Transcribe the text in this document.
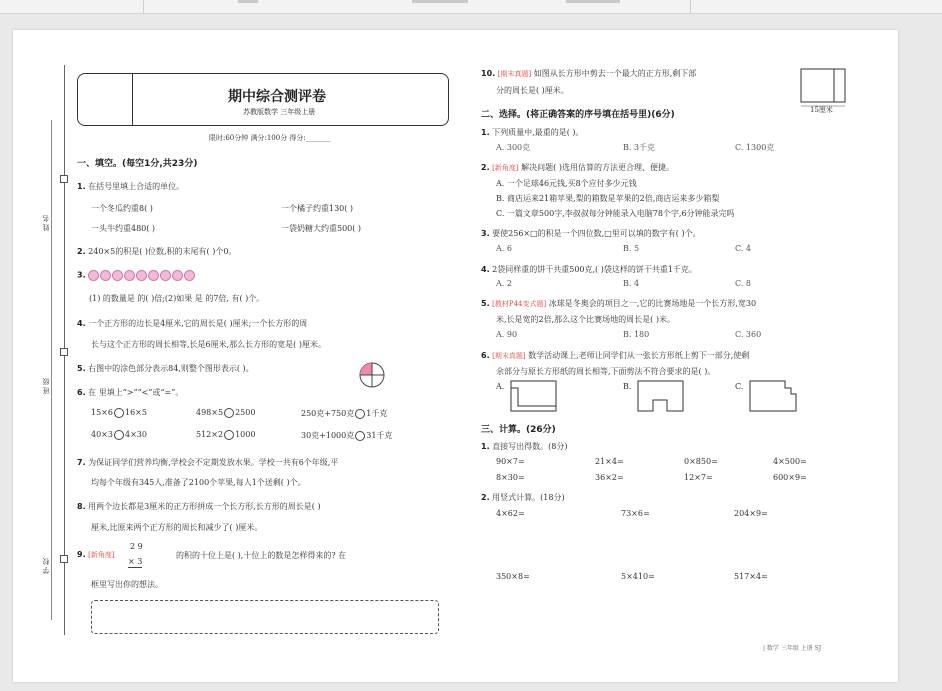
姓 名
班 级
学 校
期中综合测评卷
苏教版数学 三年级上册
限时:60分钟 满分:100分 得分:_______
一、填空。(每空1分,共23分)
1. 在括号里填上合适的单位。
一个冬瓜约重8( )	一个橘子约重130( )
一头牛约重480( )	一袋奶糖大约重500( )
2. 240×5的积是( )位数,积的末尾有( )个0。
3.
(1) 的数量是 的( )倍;(2)如果 是 的7倍, 有( )个。
4. 一个正方形的边长是4厘米,它的周长是( )厘米;一个长方形的周
长与这个正方形的周长相等,长是6厘米,那么长方形的宽是( )厘米。
5. 右图中的涂色部分表示84,则整个图形表示( )。
6. 在 里填上“>”“<”或“=”。
15×6 16×5	498×5 2500	250克+750克 1千克
40×3 4×30	512×2 1000	30克+1000克 31千克
7. 为保证同学们营养均衡,学校会不定期发放水果。学校一共有6个年级,平
均每个年级有345人,准备了2100个苹果,每人1个送剩( )个。
8. 用两个边长都是3厘米的正方形拼成一个长方形,长方形的周长是( )
厘米,比原来两个正方形的周长和减少了( )厘米。
2 9
× 3
9. [新角度]	的积的十位上是( ),十位上的数是怎样得来的? 在
框里写出你的想法。
10. [期末真题] 如图从长方形中剪去一个最大的正方形,剩下部
分的周长是( )厘米。
15厘米
二、选择。(将正确答案的序号填在括号里)(6分)
1. 下列质量中,最重的是( )。
A. 300克	B. 3千克	C. 1300克
2. [新角度] 解决问题( )选用估算的方法更合理、便捷。
A. 一个足球46元钱,买8个应付多少元钱
B. 商店运来21箱苹果,梨的箱数是苹果的2倍,商店运来多少箱梨
C. 一篇文章500字,李叔叔每分钟能录入电脑78个字,6分钟能录完吗
3. 要使256×□的积是一个四位数,□里可以填的数字有( )个。
A. 6	B. 5	C. 4
4. 2袋同样重的饼干共重500克,( )袋这样的饼干共重1千克。
A. 2	B. 4	C. 8
5. [教材P44变式题] 冰球是冬奥会的项目之一,它的比赛场地是一个长方形,宽30
米,长是宽的2倍,那么这个比赛场地的周长是( )米。
A. 90	B. 180	C. 360
6. [期末真题] 数学活动课上,老师让同学们从一张长方形纸上剪下一部分,使剩
余部分与原长方形纸的周长相等,下面剪法不符合要求的是( )。
A.	B.	C.
三、计算。(26分)
1. 直接写出得数。(8分)
90×7=	21×4=	0×850=	4×500=
8×30=	36×2=	12×7=	600×9=
2. 用竖式计算。(18分)
4×62=	73×6=	204×9=
350×8=	5×410=	517×4=
| 数学 三年级 上册 SJ
